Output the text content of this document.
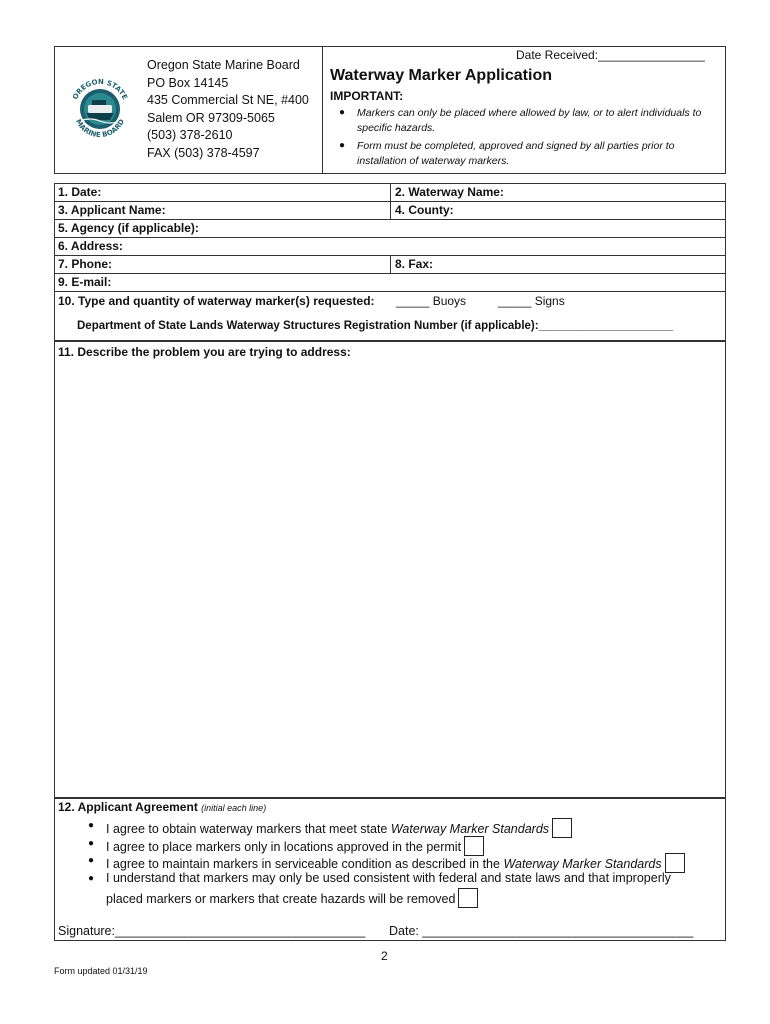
OREGON STATE
MARINE BOARD
Oregon State Marine Board
PO Box 14145
435 Commercial St NE, #400
Salem OR 97309-5065
(503) 378-2610
FAX (503) 378-4597
Date Received:________________
Waterway Marker Application
IMPORTANT:
● Markers can only be placed where allowed by law, or to alert individuals to specific hazards.
● Form must be completed, approved and signed by all parties prior to installation of waterway markers.
1. Date:	2. Waterway Name:
3. Applicant Name:	4. County:
5. Agency (if applicable):
6. Address:
7. Phone:	8. Fax:
9. E-mail:
10. Type and quantity of waterway marker(s) requested: _____ Buoys	_____ Signs
Department of State Lands Waterway Structures Registration Number (if applicable):_____________________
11. Describe the problem you are trying to address:
12. Applicant Agreement (initial each line)
● I agree to obtain waterway markers that meet state Waterway Marker Standards
● I agree to place markers only in locations approved in the permit
● I agree to maintain markers in serviceable condition as described in the Waterway Marker Standards
● I understand that markers may only be used consistent with federal and state laws and that improperly
placed markers or markers that create hazards will be removed
Signature:____________________________________ Date: _______________________________________
2
Form updated 01/31/19
